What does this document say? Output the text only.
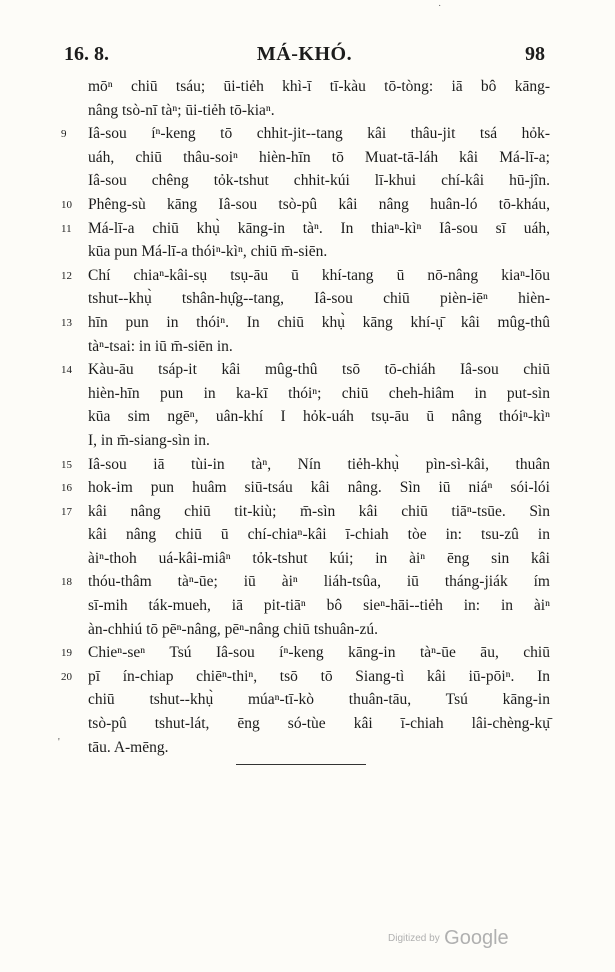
˙
MÁ-KHÓ.
16. 8.	98
mōⁿ chiū tsáu; ūi-tiẻh khì-ī tī-kàu tō-tòng: iā bô kāng-
nâng tsò-nī tàⁿ; ūi-tiẻh tō-kiaⁿ.
9	Iâ-sou íⁿ-keng tō chhit-jit--tang kâi thâu-jit tsá hỏk-
uáh, chiū thâu-soiⁿ hièn-hīn tō Muat-tā-láh kâi Má-lī-a;
Iâ-sou chêng tỏk-tshut chhit-kúi lī-khui chí-kâi hū-jîn.
10	Phêng-sù kāng Iâ-sou tsò-pû kâi nâng huân-ló tō-kháu,
11	Má-lī-a chiū khụ̀ kāng-in tàⁿ. In thiaⁿ-kìⁿ Iâ-sou sī uáh,
kūa pun Má-lī-a thóiⁿ-kìⁿ, chiū m̄-siēn.
12	Chí chiaⁿ-kâi-sụ tsụ-āu ū khí-tang ū nō-nâng kiaⁿ-lōu
tshut--khụ̀ tshân-hụ̂g--tang, Iâ-sou chiū pièn-iēⁿ hièn-
13	hīn pun in thóiⁿ. In chiū khụ̀ kāng khí-ụ̄ kâi mûg-thû
tàⁿ-tsai: in iū m̄-siēn in.
14	Kàu-āu tsáp-it kâi mûg-thû tsō tō-chiáh Iâ-sou chiū
hièn-hīn pun in ka-kī thóiⁿ; chiū cheh-hiâm in put-sìn
kūa sim ngēⁿ, uân-khí I hỏk-uáh tsụ-āu ū nâng thóiⁿ-kìⁿ
I, in m̄-siang-sìn in.
15	Iâ-sou iā tùi-in tàⁿ, Nín tiẻh-khụ̀ pìn-sì-kâi, thuân
16	hok-im pun huâm siū-tsáu kâi nâng. Sìn iū niáⁿ sói-lói
17	kâi nâng chiū tit-kiù; m̄-sìn kâi chiū tiāⁿ-tsūe. Sìn
kâi nâng chiū ū chí-chiaⁿ-kâi ī-chiah tòe in: tsu-zû in
àiⁿ-thoh uá-kâi-miâⁿ tỏk-tshut kúi; in àiⁿ ēng sin kâi
18	thóu-thâm tàⁿ-ūe; iū àiⁿ liáh-tsûa, iū tháng-jiák ím
sī-mih ták-mueh, iā pit-tiāⁿ bô sieⁿ-hāi--tiẻh in: in àiⁿ
àn-chhiú tō pēⁿ-nâng, pēⁿ-nâng chiū tshuân-zú.
19	Chieⁿ-seⁿ Tsú Iâ-sou íⁿ-keng kāng-in tàⁿ-ūe āu, chiū
20	pī ín-chiap chiēⁿ-thiⁿ, tsō tō Siang-tì kâi iū-pōiⁿ. In
chiū tshut--khụ̀ múaⁿ-tī-kò thuân-tāu, Tsú kāng-in
tsò-pû tshut-lát, ēng só-tùe kâi ī-chiah lâi-chèng-kụ̄
tāu. A-mēng.
'
Digitized by Google
